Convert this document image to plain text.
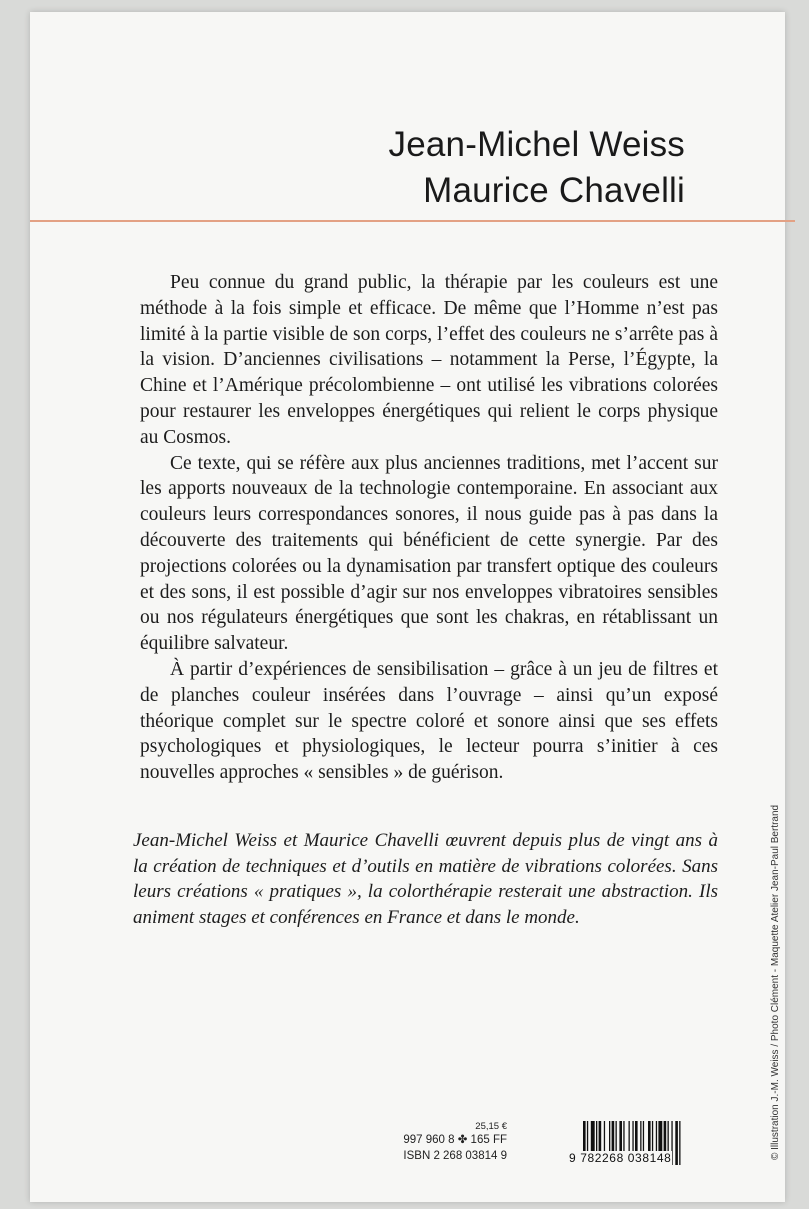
Jean-Michel Weiss
Maurice Chavelli

Peu connue du grand public, la thérapie par les couleurs est une méthode à la fois simple et efficace. De même que l’Homme n’est pas limité à la partie visible de son corps, l’effet des couleurs ne s’arrête pas à la vision. D’anciennes civilisations – notamment la Perse, l’Égypte, la Chine et l’Amérique précolombienne – ont utilisé les vibrations colorées pour restaurer les enveloppes énergétiques qui relient le corps physique au Cosmos.

Ce texte, qui se réfère aux plus anciennes traditions, met l’accent sur les apports nouveaux de la technologie contemporaine. En associant aux couleurs leurs correspondances sonores, il nous guide pas à pas dans la découverte des traitements qui bénéficient de cette synergie. Par des projections colorées ou la dynamisation par transfert optique des couleurs et des sons, il est possible d’agir sur nos enveloppes vibratoires sensibles ou nos régulateurs énergétiques que sont les chakras, en rétablissant un équilibre salvateur.

À partir d’expériences de sensibilisation – grâce à un jeu de filtres et de planches couleur insérées dans l’ouvrage – ainsi qu’un exposé théorique complet sur le spectre coloré et sonore ainsi que ses effets psychologiques et physiologiques, le lecteur pourra s’initier à ces nouvelles approches « sensibles » de guérison.

Jean-Michel Weiss et Maurice Chavelli œuvrent depuis plus de vingt ans à la création de techniques et d’outils en matière de vibrations colorées. Sans leurs créations « pratiques », la colorthérapie resterait une abstraction. Ils animent stages et conférences en France et dans le monde.

25,15 €
997 960 8 ✤ 165 FF
ISBN 2 268 03814 9	9 782268 038148	© Illustration J.-M. Weiss / Photo Clément - Maquette Atelier Jean-Paul Bertrand
